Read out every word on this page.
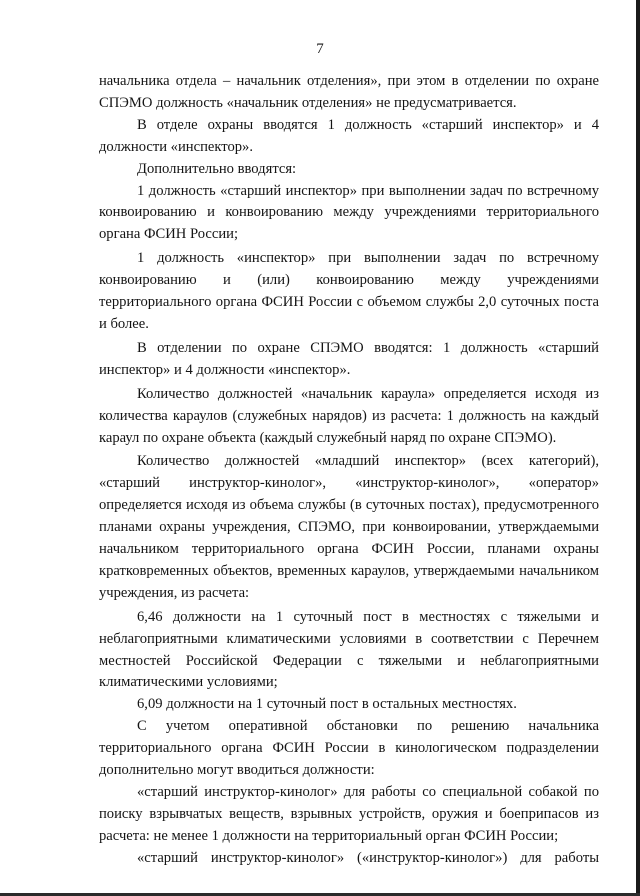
7

начальника отдела – начальник отделения», при этом в отделении по охране СПЭМО должность «начальник отделения» не предусматривается.

В отделе охраны вводятся 1 должность «старший инспектор» и 4 должности «инспектор».

Дополнительно вводятся:

1 должность «старший инспектор» при выполнении задач по встречному конвоированию и конвоированию между учреждениями территориального органа ФСИН России;

1 должность «инспектор» при выполнении задач по встречному конвоированию и (или) конвоированию между учреждениями территориального органа ФСИН России с объемом службы 2,0 суточных поста и более.

В отделении по охране СПЭМО вводятся: 1 должность «старший инспектор» и 4 должности «инспектор».

Количество должностей «начальник караула» определяется исходя из количества караулов (служебных нарядов) из расчета: 1 должность на каждый караул по охране объекта (каждый служебный наряд по охране СПЭМО).

Количество должностей «младший инспектор» (всех категорий), «старший инструктор-кинолог», «инструктор-кинолог», «оператор» определяется исходя из объема службы (в суточных постах), предусмотренного планами охраны учреждения, СПЭМО, при конвоировании, утверждаемыми начальником территориального органа ФСИН России, планами охраны кратковременных объектов, временных караулов, утверждаемыми начальником учреждения, из расчета:

6,46 должности на 1 суточный пост в местностях с тяжелыми и неблагоприятными климатическими условиями в соответствии с Перечнем местностей Российской Федерации с тяжелыми и неблагоприятными климатическими условиями;

6,09 должности на 1 суточный пост в остальных местностях.

С учетом оперативной обстановки по решению начальника территориального органа ФСИН России в кинологическом подразделении дополнительно могут вводиться должности:

«старший инструктор-кинолог» для работы со специальной собакой по поиску взрывчатых веществ, взрывных устройств, оружия и боеприпасов из расчета: не менее 1 должности на территориальный орган ФСИН России;

«старший инструктор-кинолог» («инструктор-кинолог») для работы
